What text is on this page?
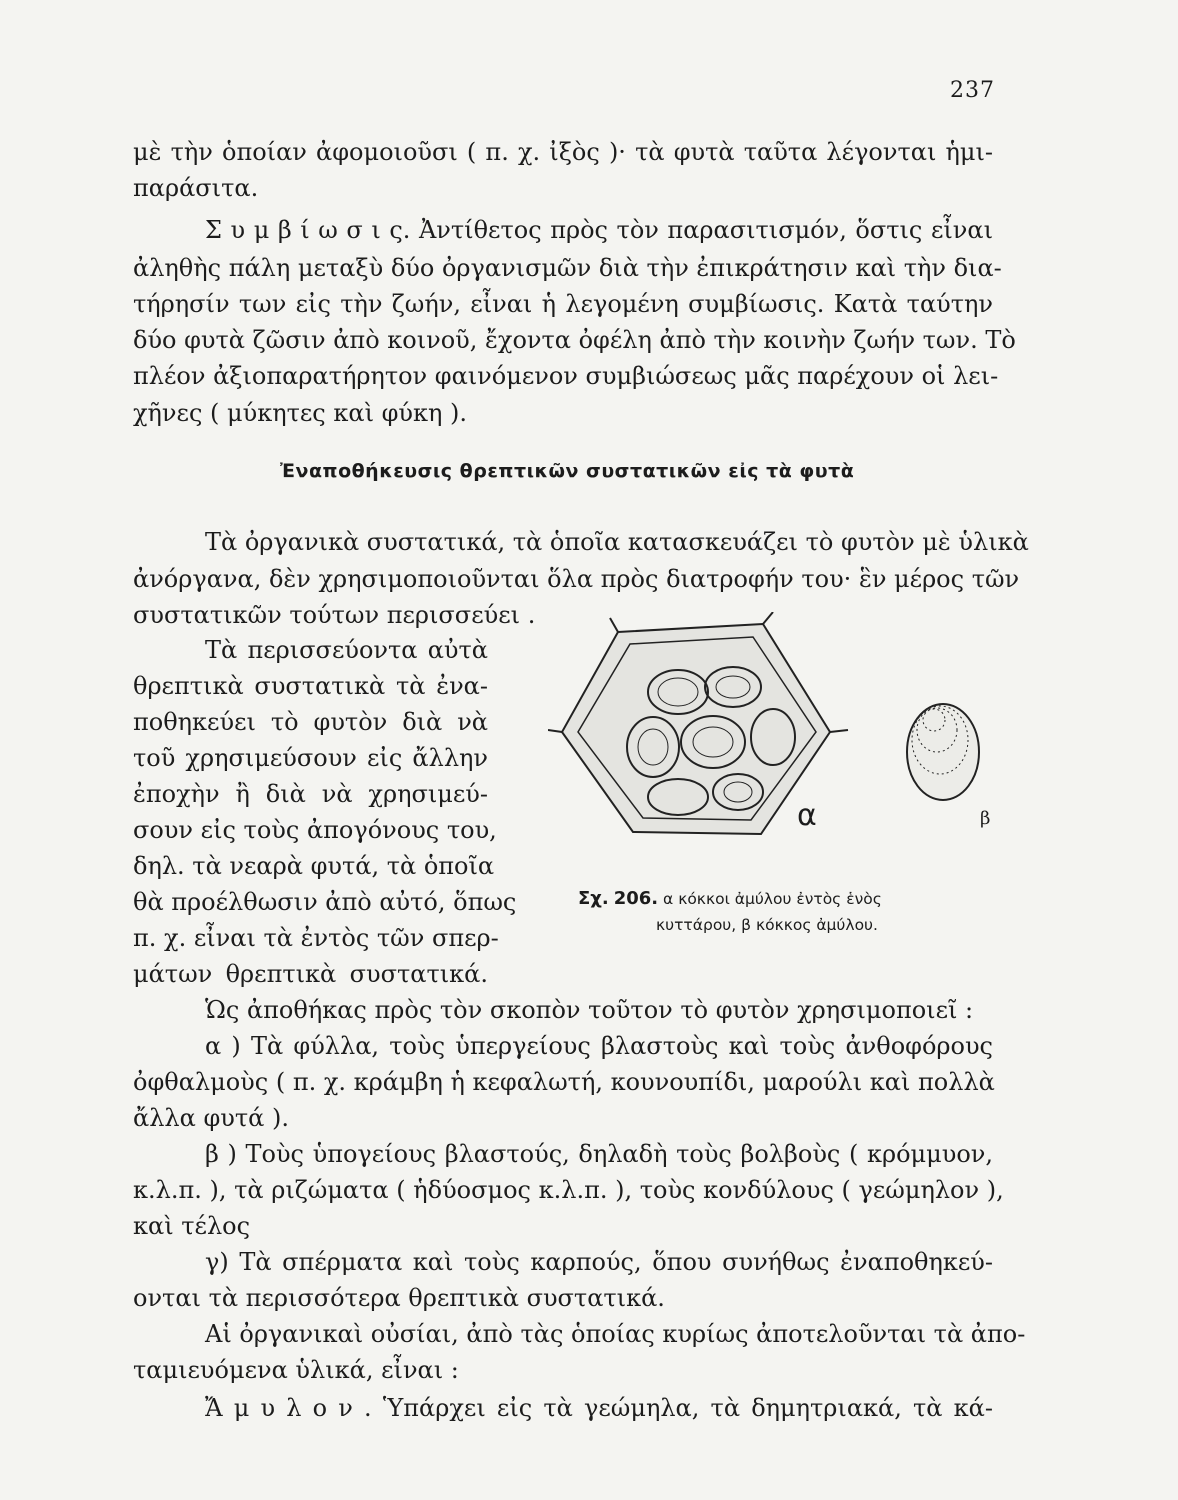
237
μὲ τὴν ὁποίαν ἀφομοιοῦσι ( π. χ. ἰξὸς )· τὰ φυτὰ ταῦτα λέγονται ἡμι-
παράσιτα.
Σ υ μ β ί ω σ ι ς. Ἀντίθετος πρὸς τὸν παρασιτισμόν, ὅστις εἶναι
ἀληθὴς πάλη μεταξὺ δύο ὀργανισμῶν διὰ τὴν ἐπικράτησιν καὶ τὴν δια-
τήρησίν των εἰς τὴν ζωήν, εἶναι ἡ λεγομένη συμβίωσις. Κατὰ ταύτην
δύο φυτὰ ζῶσιν ἀπὸ κοινοῦ, ἔχοντα ὀφέλη ἀπὸ τὴν κοινὴν ζωήν των. Τὸ
πλέον ἀξιοπαρατήρητον φαινόμενον συμβιώσεως μᾶς παρέχουν οἱ λει-
χῆνες ( μύκητες καὶ φύκη ).
Ἐναποθήκευσις θρεπτικῶν συστατικῶν εἰς τὰ φυτὰ
Τὰ ὀργανικὰ συστατικά, τὰ ὁποῖα κατασκευάζει τὸ φυτὸν μὲ ὑλικὰ
ἀνόργανα, δὲν χρησιμοποιοῦνται ὅλα πρὸς διατροφήν του· ἓν μέρος τῶν
συστατικῶν τούτων περισσεύει .
Τὰ περισσεύοντα αὐτὰ
θρεπτικὰ συστατικὰ τὰ ἐνα-
ποθηκεύει τὸ φυτὸν διὰ νὰ
τοῦ χρησιμεύσουν εἰς ἄλλην
ἐποχὴν ἢ διὰ νὰ χρησιμεύ-
σουν εἰς τοὺς ἀπογόνους του,
δηλ. τὰ νεαρὰ φυτά, τὰ ὁποῖα
θὰ προέλθωσιν ἀπὸ αὐτό, ὅπως
π. χ. εἶναι τὰ ἐντὸς τῶν σπερ-
μάτων θρεπτικὰ συστατικά.
Ὡς ἀποθήκας πρὸς τὸν σκοπὸν τοῦτον τὸ φυτὸν χρησιμοποιεῖ :
α ) Τὰ φύλλα, τοὺς ὑπεργείους βλαστοὺς καὶ τοὺς ἀνθοφόρους
ὀφθαλμοὺς ( π. χ. κράμβη ἡ κεφαλωτή, κουνουπίδι, μαρούλι καὶ πολλὰ
ἄλλα φυτά ).
β ) Τοὺς ὑπογείους βλαστούς, δηλαδὴ τοὺς βολβοὺς ( κρόμμυον,
κ.λ.π. ), τὰ ριζώματα ( ἡδύοσμος κ.λ.π. ), τοὺς κονδύλους ( γεώμηλον ),
καὶ τέλος
γ) Τὰ σπέρματα καὶ τοὺς καρπούς, ὅπου συνήθως ἐναποθηκεύ-
ονται τὰ περισσότερα θρεπτικὰ συστατικά.
Αἱ ὀργανικαὶ οὐσίαι, ἀπὸ τὰς ὁποίας κυρίως ἀποτελοῦνται τὰ ἀπο-
ταμιευόμενα ὑλικά, εἶναι :
Ἄ μ υ λ ο ν . Ὑπάρχει εἰς τὰ γεώμηλα, τὰ δημητριακά, τὰ κά-
α	β
Σχ. 206. α κόκκοι ἀμύλου ἐντὸς ἑνὸς
κυττάρου, β κόκκος ἀμύλου.
